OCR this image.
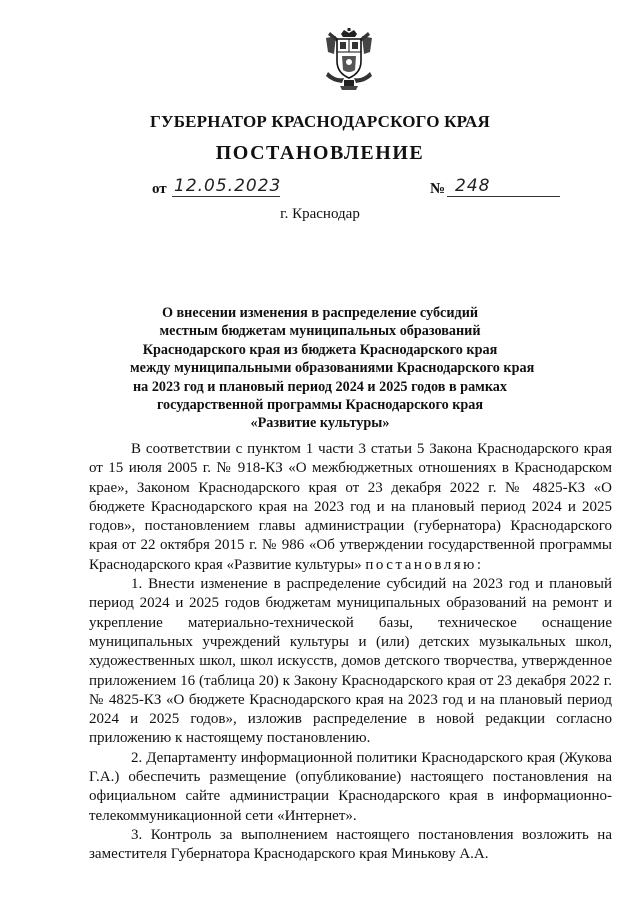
ГУБЕРНАТОР КРАСНОДАРСКОГО КРАЯ
ПОСТАНОВЛЕНИЕ
от 12.05.2023	№ 248
г. Краснодар
О внесении изменения в распределение субсидий
местным бюджетам муниципальных образований
Краснодарского края из бюджета Краснодарского края
между муниципальными образованиями Краснодарского края
на 2023 год и плановый период 2024 и 2025 годов в рамках
государственной программы Краснодарского края
«Развитие культуры»

В соответствии с пунктом 1 части 3 статьи 5 Закона Краснодарского края от 15 июля 2005 г. № 918-КЗ «О межбюджетных отношениях в Краснодарском крае», Законом Краснодарского края от 23 декабря 2022 г. № 4825-КЗ «О бюджете Краснодарского края на 2023 год и на плановый период 2024 и 2025 годов», постановлением главы администрации (губернатора) Краснодарского края от 22 октября 2015 г. № 986 «Об утверждении государственной программы Краснодарского края «Развитие культуры» постановляю:

1. Внести изменение в распределение субсидий на 2023 год и плановый период 2024 и 2025 годов бюджетам муниципальных образований на ремонт и укрепление материально-технической базы, техническое оснащение муниципальных учреждений культуры и (или) детских музыкальных школ, художественных школ, школ искусств, домов детского творчества, утвержденное приложением 16 (таблица 20) к Закону Краснодарского края от 23 декабря 2022 г. № 4825-КЗ «О бюджете Краснодарского края на 2023 год и на плановый период 2024 и 2025 годов», изложив распределение в новой редакции согласно приложению к настоящему постановлению.

2. Департаменту информационной политики Краснодарского края (Жукова Г.А.) обеспечить размещение (опубликование) настоящего постановления на официальном сайте администрации Краснодарского края в информационно-телекоммуникационной сети «Интернет».

3. Контроль за выполнением настоящего постановления возложить на заместителя Губернатора Краснодарского края Минькову А.А.
